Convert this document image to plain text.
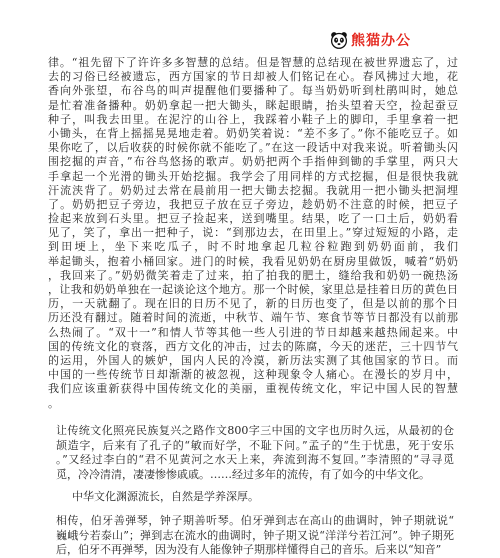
熊猫办公
律。“祖先留下了许许多多智慧的总结。但是智慧的总结现在被世界遗忘了，过
去的习俗已经被遗忘，西方国家的节日却被人们铭记在心。春风拂过大地，花
香向外张望，布谷鸟的叫声提醒他们要播种了。每当奶奶听到杜鹃叫时，她总
是忙着准备播种。奶奶拿起一把大锄头，眯起眼睛，抬头望着天空，捡起蚕豆
种子，叫我去田里。在泥泞的山谷上，我踩着小鞋子上的脚印，手里拿着一把
小锄头，在背上摇摇晃晃地走着。奶奶笑着说：“差不多了。”你不能吃豆子。如
果你吃了，以后收获的时候你就不能吃了。”在这一段话中对我来说。听着锄头闪
围挖掘的声音，”布谷鸟悠扬的歌声。奶奶把两个手指伸到锄的手掌里，两只大
手拿起一个光滑的锄头开始挖掘。我学会了用同样的方式挖掘，但是很快我就
汗流浃背了。奶奶过去常在晨前用一把大锄去挖掘。我就用一把小锄头把洞埋
了。奶奶把豆子旁边，我把豆子放在豆子旁边，趁奶奶不注意的时候，把豆子
捡起来放到石头里。把豆子捡起来，送到嘴里。结果，吃了一口土后，奶奶看
见了，笑了，拿出一把种子，说：“到那边去，在田里上。”穿过短短的小路，走
到田埂上，坐下来吃瓜子，时不时地拿起几粒谷粒跑到奶奶面前，我们
举起锄头，抱着小桶回家。进门的时候，我看见奶奶在厨房里做饭，喊着“奶奶
，我回来了。”奶奶微笑着走了过来，拍了拍我的肥土，缝给我和奶奶一碗热汤
，让我和奶奶单独在一起谈论这个地方。那一个时候，家里总是挂着日历的黄色日
历，一天就翻了。现在旧的日历不见了，新的日历也变了，但是以前的那个日
历还没有翻过。随着时间的流逝，中秋节、端午节、寒食节等节日都没有以前那
么热闹了。“双十一”和情人节等其他一些人引进的节日却越来越热闹起来。中
国的传统文化的衰落，西方文化的冲击，过去的陈腐，今天的迷茫，三十四节气
的运用，外国人的嫉妒，国内人民的冷漠，新历法实测了其他国家的节日。而
中国的一些传统节日却渐渐的被忽视，这种现象令人痛心。在漫长的岁月中，
我们应该重新获得中国传统文化的美丽，重视传统文化，牢记中国人民的智慧
。
让传统文化照亮民族复兴之路作文800字三中国的文字也历时久远，从最初的仓
颉造字，后来有了孔子的“敏而好学，不耻下问。”孟子的“生于忧患，死于安乐
。”又经过李白的“君不见黄河之水天上来，奔流到海不复回。”李清照的“寻寻觅
觅，冷冷清清，凄凄惨惨戚戚。……经过多年的流传，有了如今的中华文化。
中华文化渊源流长，自然是学养深厚。
相传，伯牙善弹琴，钟子期善听琴。伯牙弹到志在高山的曲调时，钟子期就说“
巍峨兮若泰山”；弹到志在流水的曲调时，钟子期又说“洋洋兮若江河”。钟子期死
后，伯牙不再弹琴，因为没有人能像钟子期那样懂得自己的音乐。后来以“知音”
